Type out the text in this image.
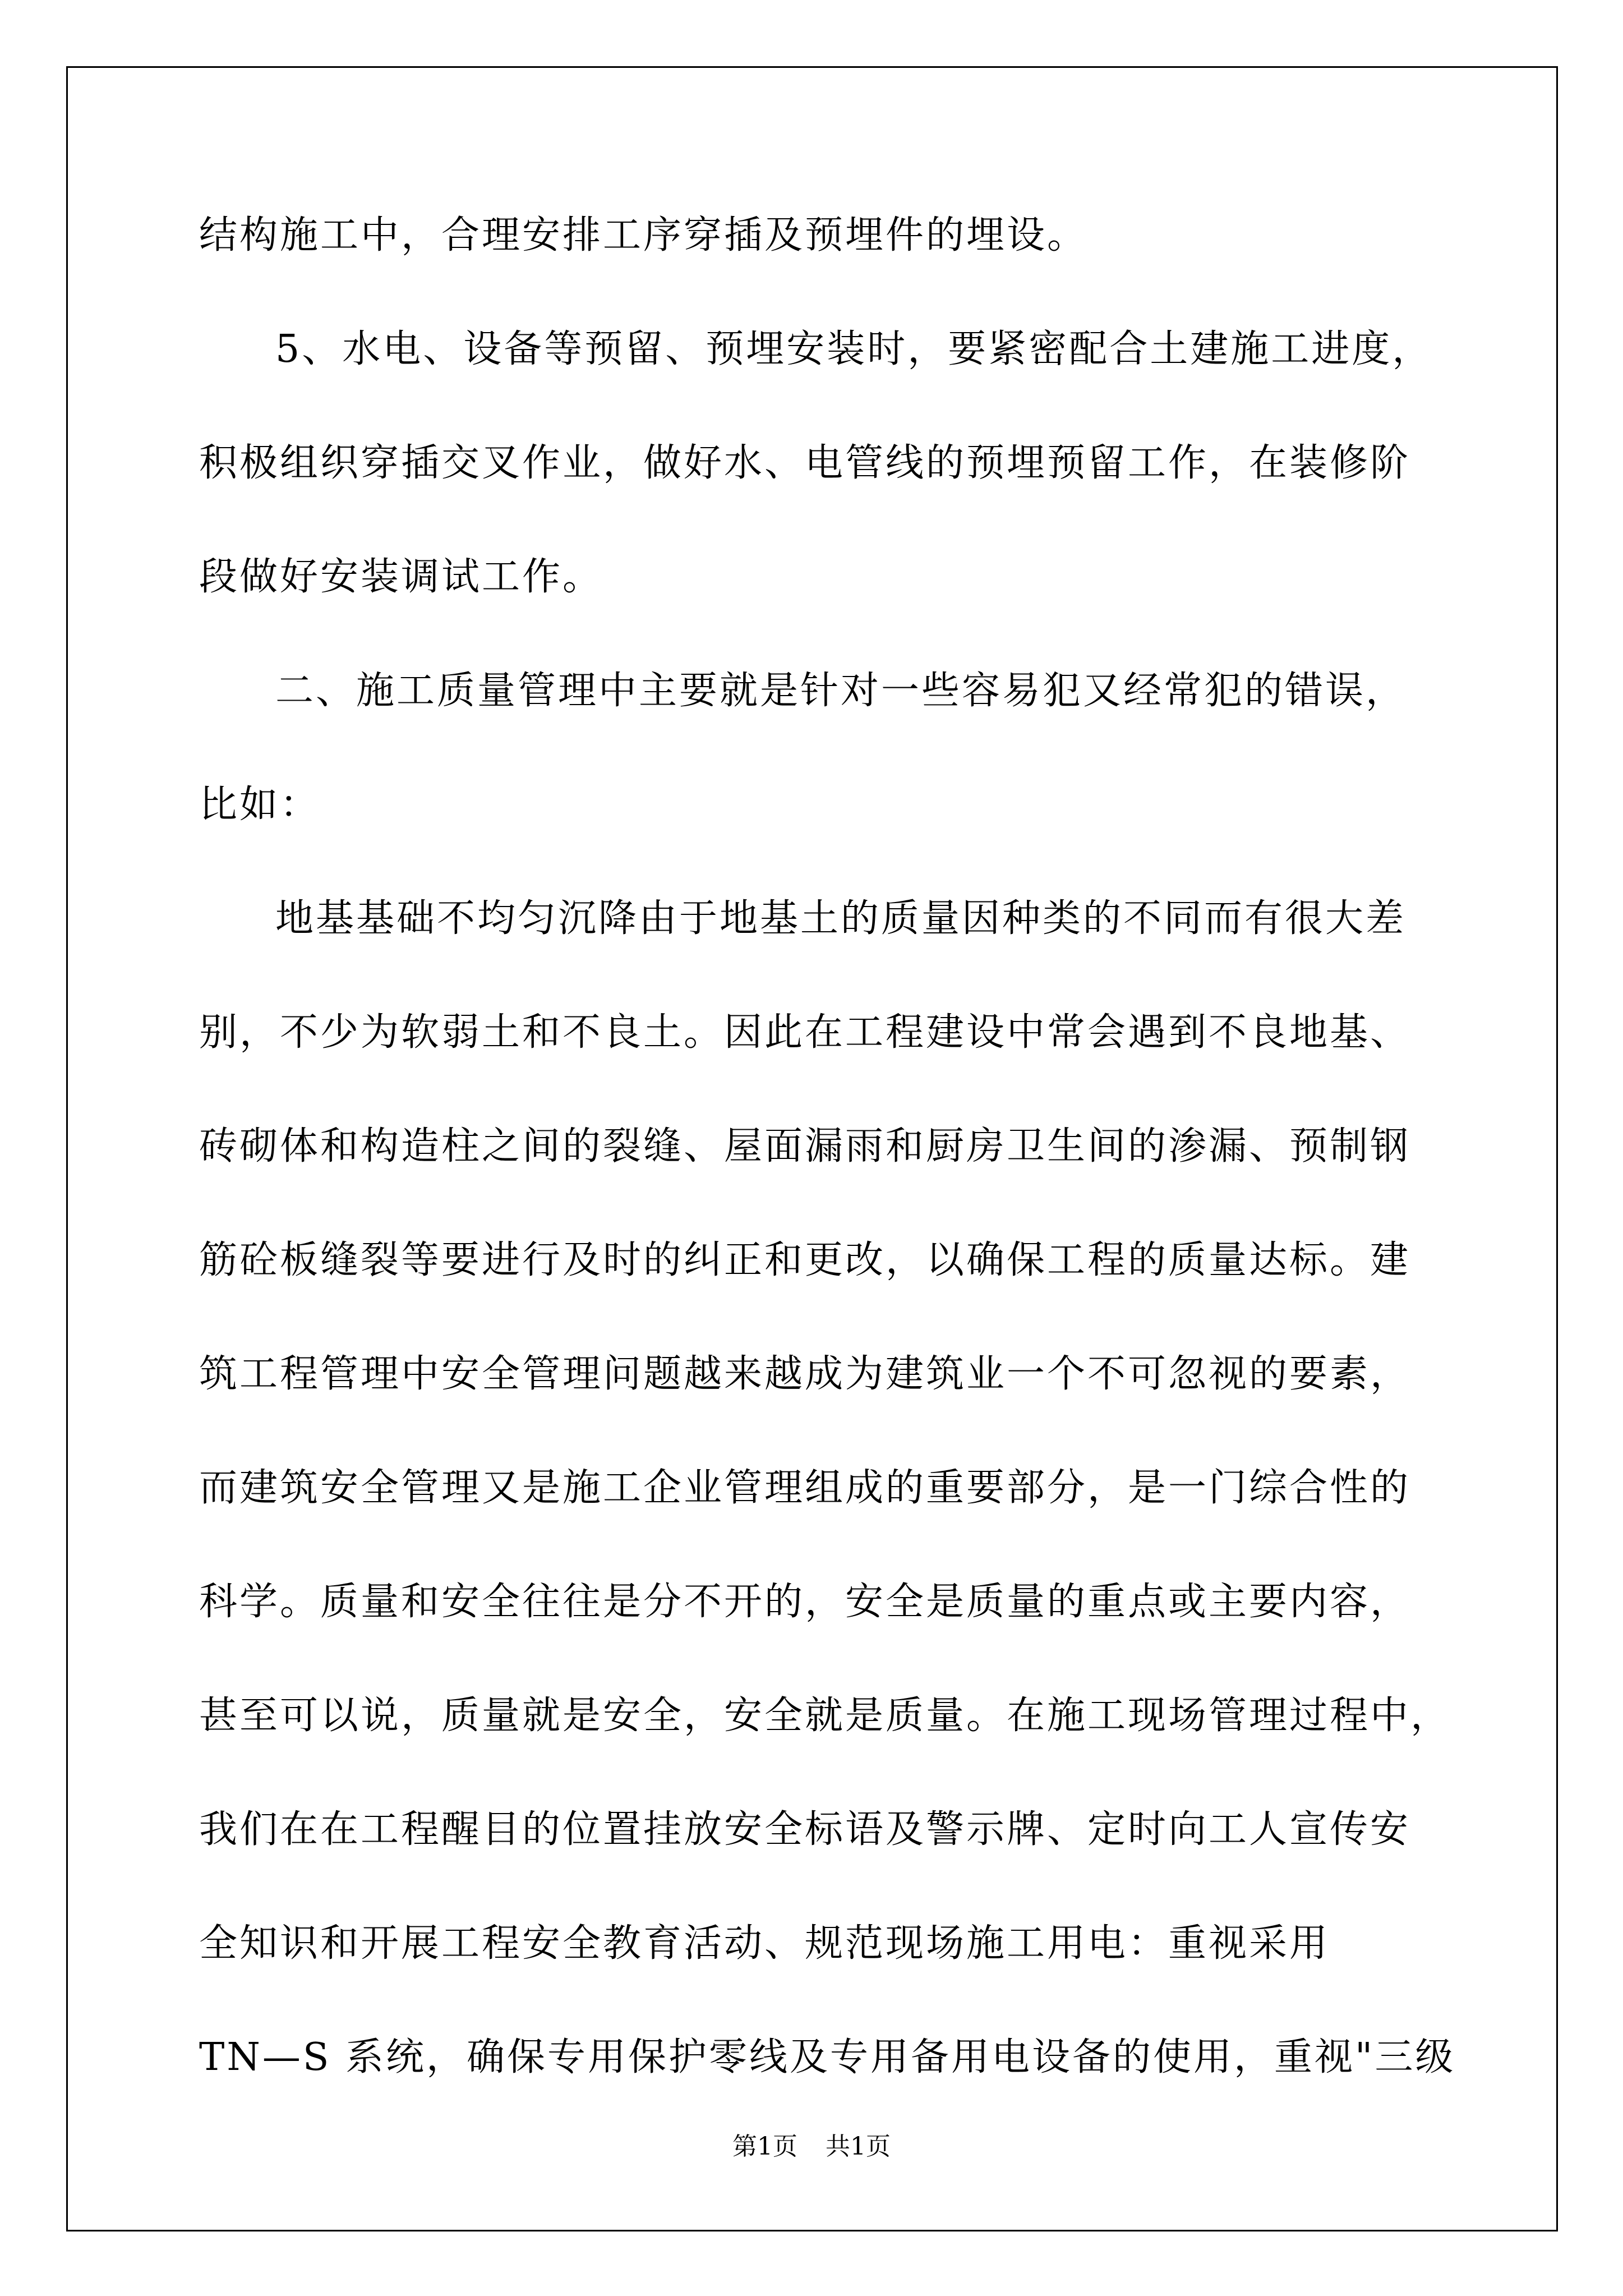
结构施工中，合理安排工序穿插及预埋件的埋设。
5、水电、设备等预留、预埋安装时，要紧密配合土建施工进度，
积极组织穿插交叉作业，做好水、电管线的预埋预留工作，在装修阶
段做好安装调试工作。
二、施工质量管理中主要就是针对一些容易犯又经常犯的错误，
比如：
地基基础不均匀沉降由于地基土的质量因种类的不同而有很大差
别，不少为软弱土和不良土。因此在工程建设中常会遇到不良地基、
砖砌体和构造柱之间的裂缝、屋面漏雨和厨房卫生间的渗漏、预制钢
筋砼板缝裂等要进行及时的纠正和更改，以确保工程的质量达标。建
筑工程管理中安全管理问题越来越成为建筑业一个不可忽视的要素，
而建筑安全管理又是施工企业管理组成的重要部分，是一门综合性的
科学。质量和安全往往是分不开的，安全是质量的重点或主要内容，
甚至可以说，质量就是安全，安全就是质量。在施工现场管理过程中，
我们在在工程醒目的位置挂放安全标语及警示牌、定时向工人宣传安
全知识和开展工程安全教育活动、规范现场施工用电：重视采用
TN—S 系统，确保专用保护零线及专用备用电设备的使用，重视"三级
第1页 共1页
